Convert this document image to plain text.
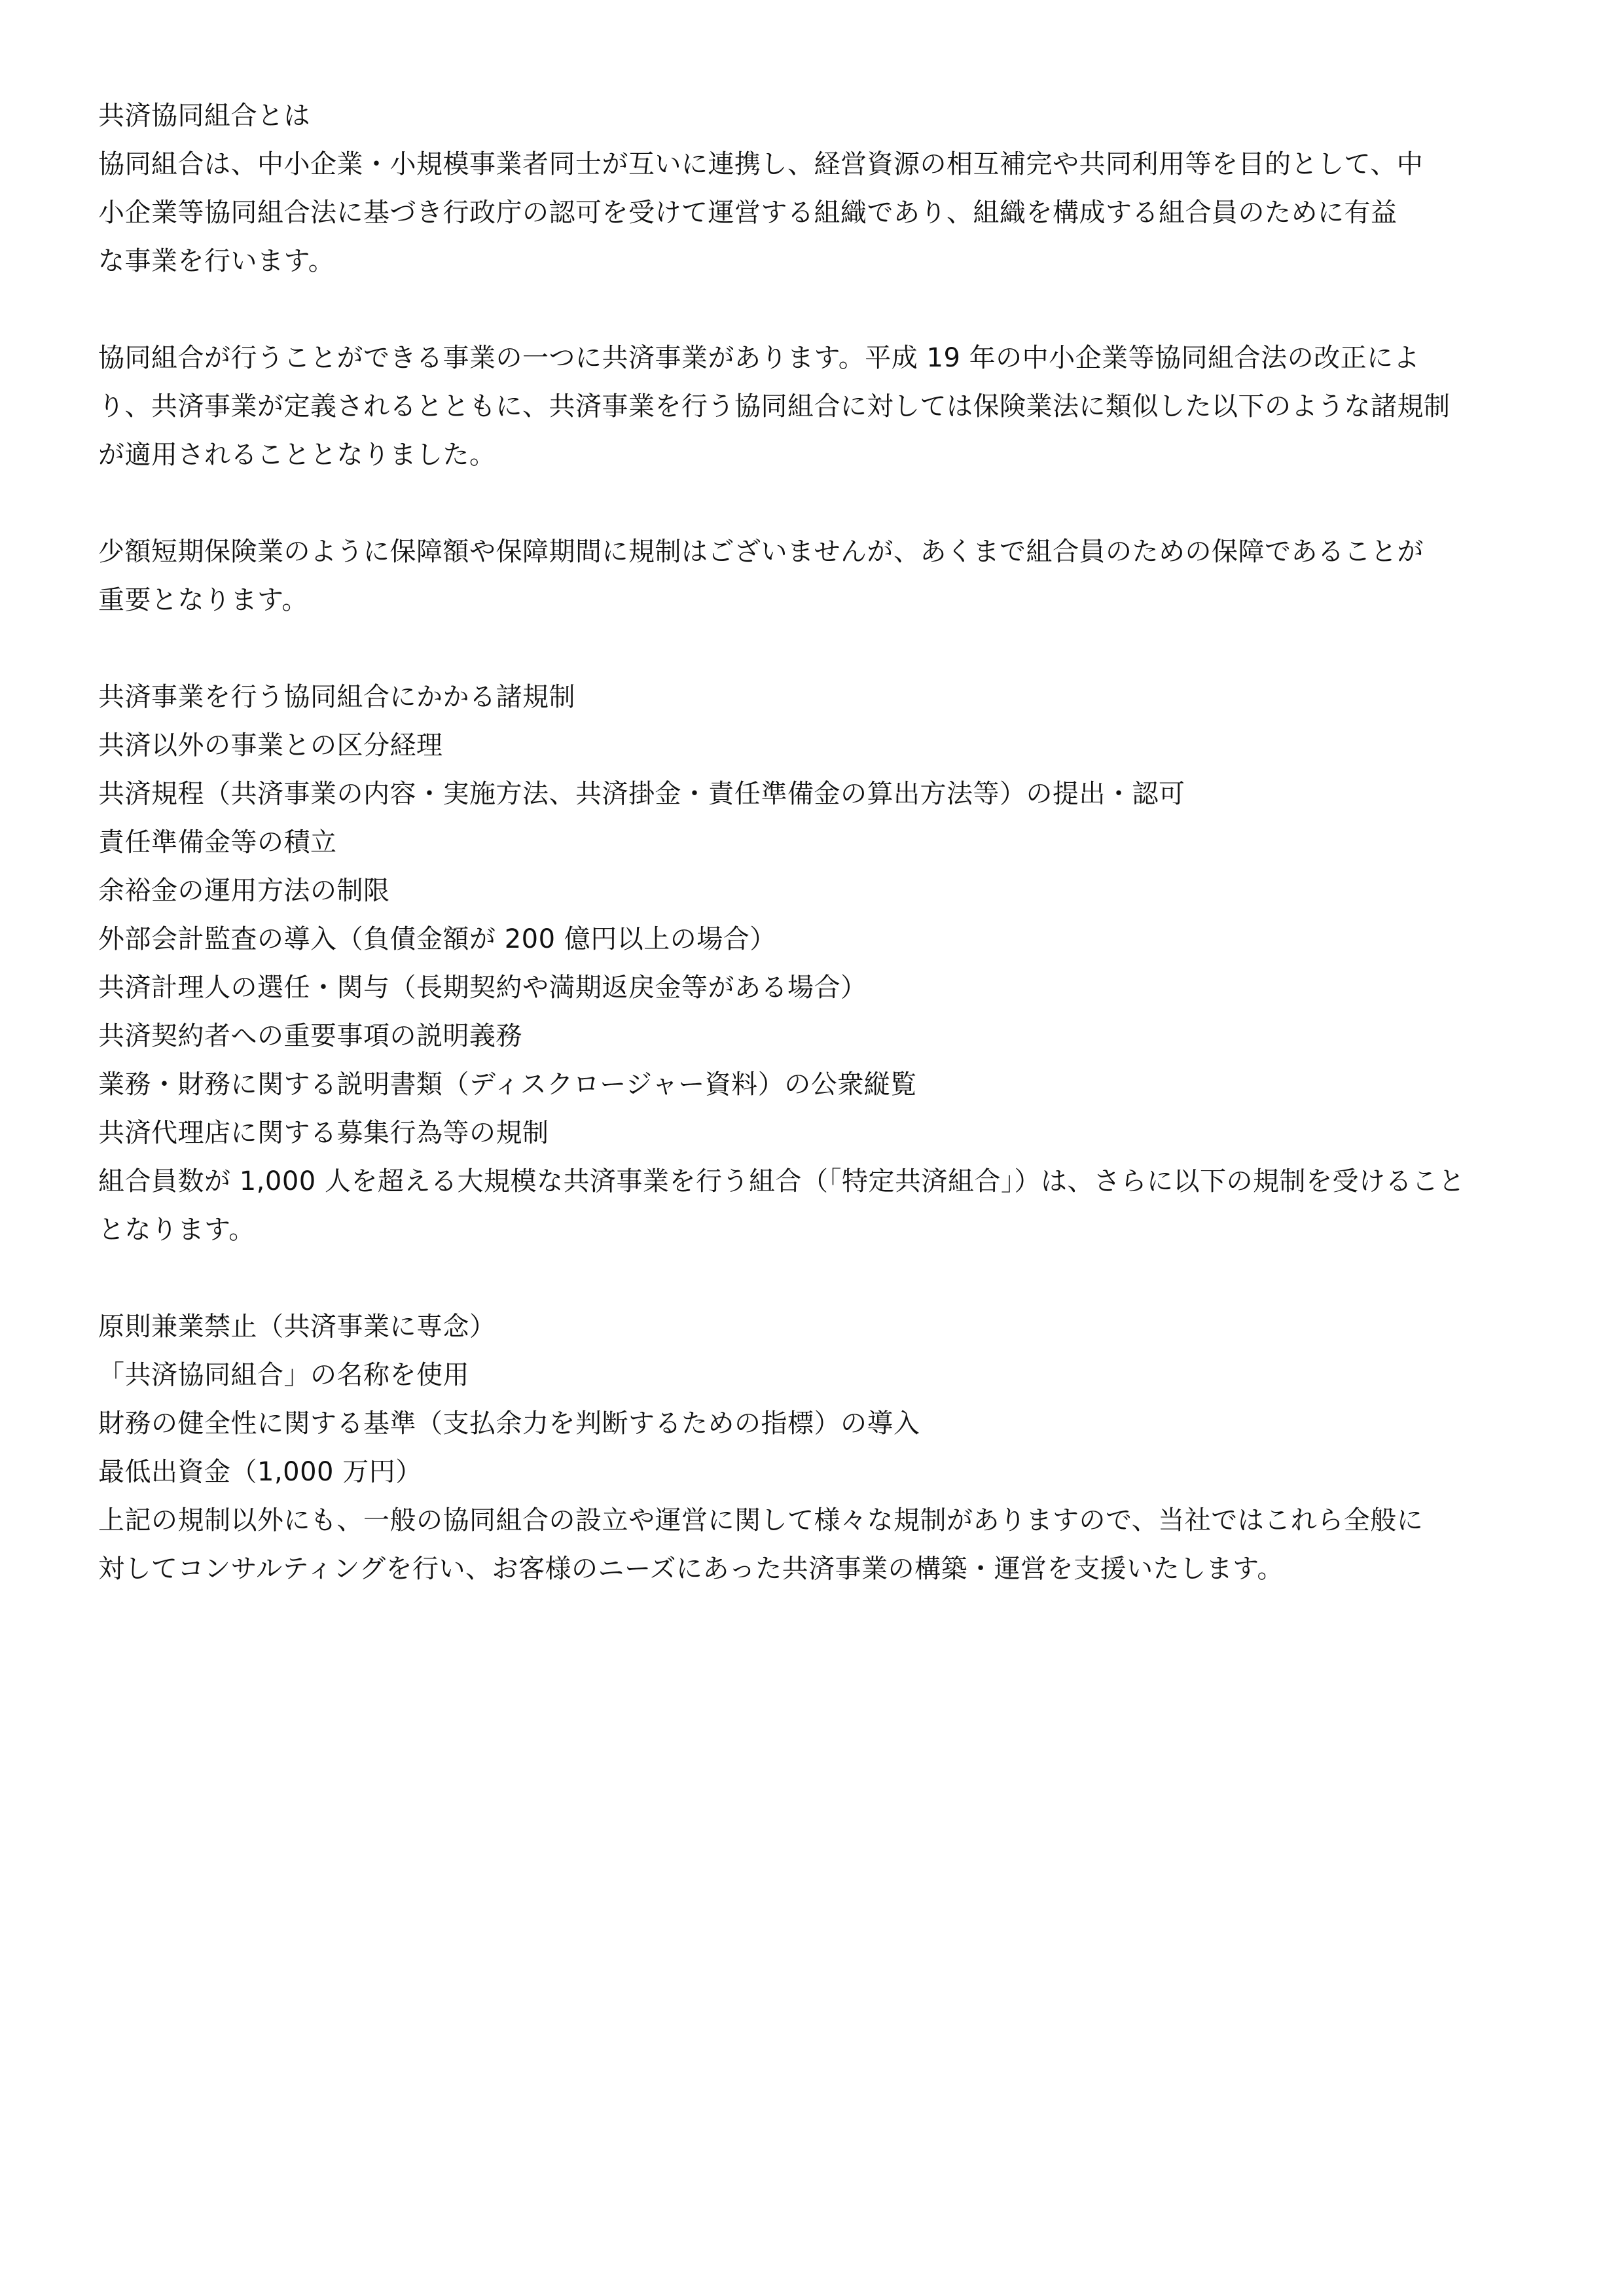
共済協同組合とは

協同組合は、中小企業・小規模事業者同士が互いに連携し、経営資源の相互補完や共同利用等を目的として、中

小企業等協同組合法に基づき行政庁の認可を受けて運営する組織であり、組織を構成する組合員のために有益

な事業を行います。

協同組合が行うことができる事業の一つに共済事業があります。平成 19 年の中小企業等協同組合法の改正によ

り、共済事業が定義されるとともに、共済事業を行う協同組合に対しては保険業法に類似した以下のような諸規制

が適用されることとなりました。

少額短期保険業のように保障額や保障期間に規制はございませんが、あくまで組合員のための保障であることが

重要となります。

共済事業を行う協同組合にかかる諸規制

共済以外の事業との区分経理

共済規程（共済事業の内容・実施方法、共済掛金・責任準備金の算出方法等）の提出・認可

責任準備金等の積立

余裕金の運用方法の制限

外部会計監査の導入（負債金額が 200 億円以上の場合）

共済計理人の選任・関与（長期契約や満期返戻金等がある場合）

共済契約者への重要事項の説明義務

業務・財務に関する説明書類（ディスクロージャー資料）の公衆縦覧

共済代理店に関する募集行為等の規制

組合員数が 1,000 人を超える大規模な共済事業を行う組合（「特定共済組合」）は、さらに以下の規制を受けること

となります。

原則兼業禁止（共済事業に専念）

「共済協同組合」の名称を使用

財務の健全性に関する基準（支払余力を判断するための指標）の導入

最低出資金（1,000 万円）

上記の規制以外にも、一般の協同組合の設立や運営に関して様々な規制がありますので、当社ではこれら全般に

対してコンサルティングを行い、お客様のニーズにあった共済事業の構築・運営を支援いたします。
